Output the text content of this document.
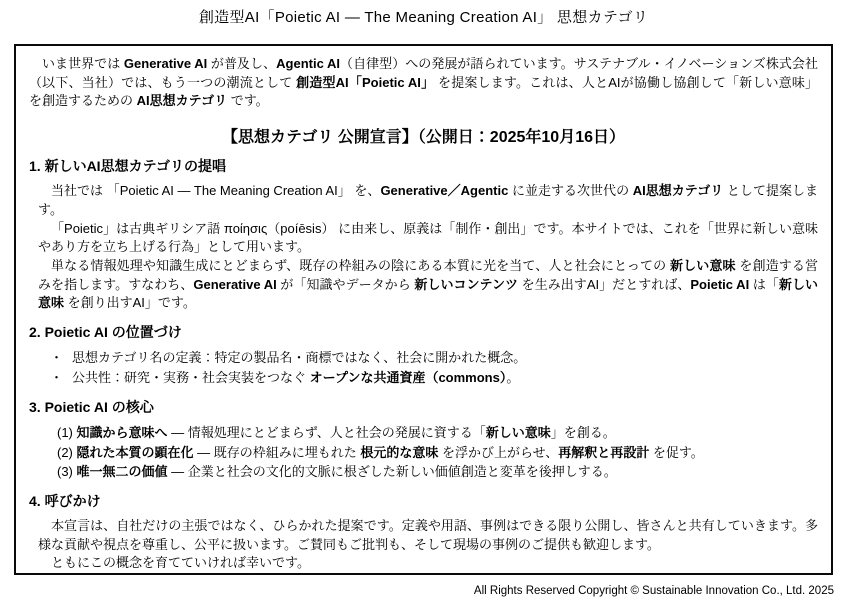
創造型AI「Poietic AI — The Meaning Creation AI」 思想カテゴリ

いま世界では Generative AI が普及し、Agentic AI（自律型）への発展が語られています。サステナブル・イノベーションズ株式会社（以下、当社）では、もう一つの潮流として 創造型AI「Poietic AI」 を提案します。これは、人とAIが協働し協創して「新しい意味」を創造するための AI思想カテゴリ です。

【思想カテゴリ 公開宣言】（公開日：2025年10月16日）
1. 新しいAI思想カテゴリの提唱

当社では 「Poietic AI — The Meaning Creation AI」 を、Generative／Agentic に並走する次世代の AI思想カテゴリ として提案します。

「Poietic」は古典ギリシア語 ποίησις（poíēsis） に由来し、原義は「制作・創出」です。本サイトでは、これを「世界に新しい意味やあり方を立ち上げる行為」として用います。

単なる情報処理や知識生成にとどまらず、既存の枠組みの陰にある本質に光を当て、人と社会にとっての 新しい意味 を創造する営みを指します。すなわち、Generative AI が「知識やデータから 新しいコンテンツ を生み出すAI」だとすれば、Poietic AI は「新しい意味 を創り出すAI」です。

2. Poietic AI の位置づけ
・ 思想カテゴリ名の定義：特定の製品名・商標ではなく、社会に開かれた概念。
・ 公共性：研究・実務・社会実装をつなぐ オープンな共通資産（commons）。
3. Poietic AI の核心

(1) 知識から意味へ — 情報処理にとどまらず、人と社会の発展に資する「新しい意味」を創る。

(2) 隠れた本質の顕在化 — 既存の枠組みに埋もれた 根元的な意味 を浮かび上がらせ、再解釈と再設計 を促す。

(3) 唯一無二の価値 — 企業と社会の文化的文脈に根ざした新しい価値創造と変革を後押しする。

4. 呼びかけ

本宣言は、自社だけの主張ではなく、ひらかれた提案です。定義や用語、事例はできる限り公開し、皆さんと共有していきます。多様な貢献や視点を尊重し、公平に扱います。ご賛同もご批判も、そして現場の事例のご提供も歓迎します。

ともにこの概念を育てていければ幸いです。

All Rights Reserved Copyright © Sustainable Innovation Co., Ltd. 2025
